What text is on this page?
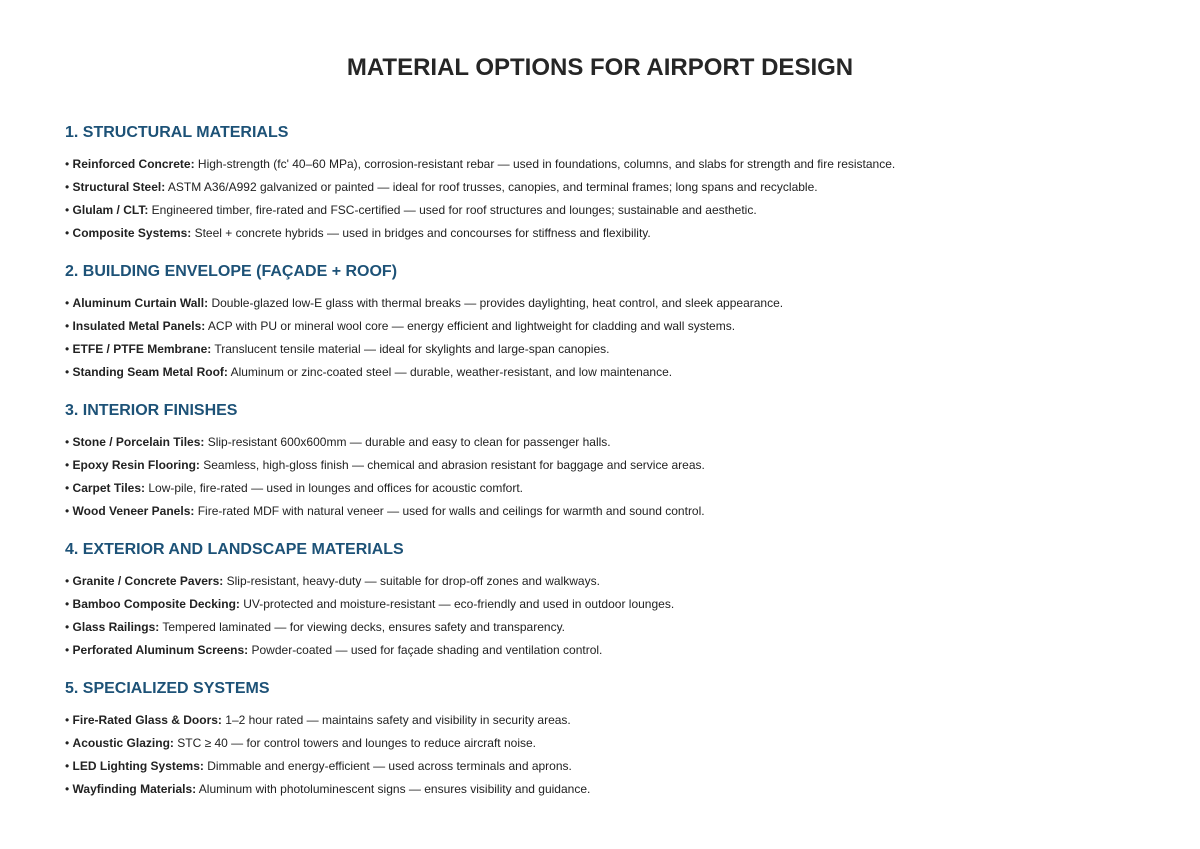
MATERIAL OPTIONS FOR AIRPORT DESIGN
1. STRUCTURAL MATERIALS
• Reinforced Concrete: High-strength (fc' 40–60 MPa), corrosion-resistant rebar — used in foundations, columns, and slabs for strength and fire resistance.
• Structural Steel: ASTM A36/A992 galvanized or painted — ideal for roof trusses, canopies, and terminal frames; long spans and recyclable.
• Glulam / CLT: Engineered timber, fire-rated and FSC-certified — used for roof structures and lounges; sustainable and aesthetic.
• Composite Systems: Steel + concrete hybrids — used in bridges and concourses for stiffness and flexibility.
2. BUILDING ENVELOPE (FAÇADE + ROOF)
• Aluminum Curtain Wall: Double-glazed low-E glass with thermal breaks — provides daylighting, heat control, and sleek appearance.
• Insulated Metal Panels: ACP with PU or mineral wool core — energy efficient and lightweight for cladding and wall systems.
• ETFE / PTFE Membrane: Translucent tensile material — ideal for skylights and large-span canopies.
• Standing Seam Metal Roof: Aluminum or zinc-coated steel — durable, weather-resistant, and low maintenance.
3. INTERIOR FINISHES
• Stone / Porcelain Tiles: Slip-resistant 600x600mm — durable and easy to clean for passenger halls.
• Epoxy Resin Flooring: Seamless, high-gloss finish — chemical and abrasion resistant for baggage and service areas.
• Carpet Tiles: Low-pile, fire-rated — used in lounges and offices for acoustic comfort.
• Wood Veneer Panels: Fire-rated MDF with natural veneer — used for walls and ceilings for warmth and sound control.
4. EXTERIOR AND LANDSCAPE MATERIALS
• Granite / Concrete Pavers: Slip-resistant, heavy-duty — suitable for drop-off zones and walkways.
• Bamboo Composite Decking: UV-protected and moisture-resistant — eco-friendly and used in outdoor lounges.
• Glass Railings: Tempered laminated — for viewing decks, ensures safety and transparency.
• Perforated Aluminum Screens: Powder-coated — used for façade shading and ventilation control.
5. SPECIALIZED SYSTEMS
• Fire-Rated Glass & Doors: 1–2 hour rated — maintains safety and visibility in security areas.
• Acoustic Glazing: STC ≥ 40 — for control towers and lounges to reduce aircraft noise.
• LED Lighting Systems: Dimmable and energy-efficient — used across terminals and aprons.
• Wayfinding Materials: Aluminum with photoluminescent signs — ensures visibility and guidance.
